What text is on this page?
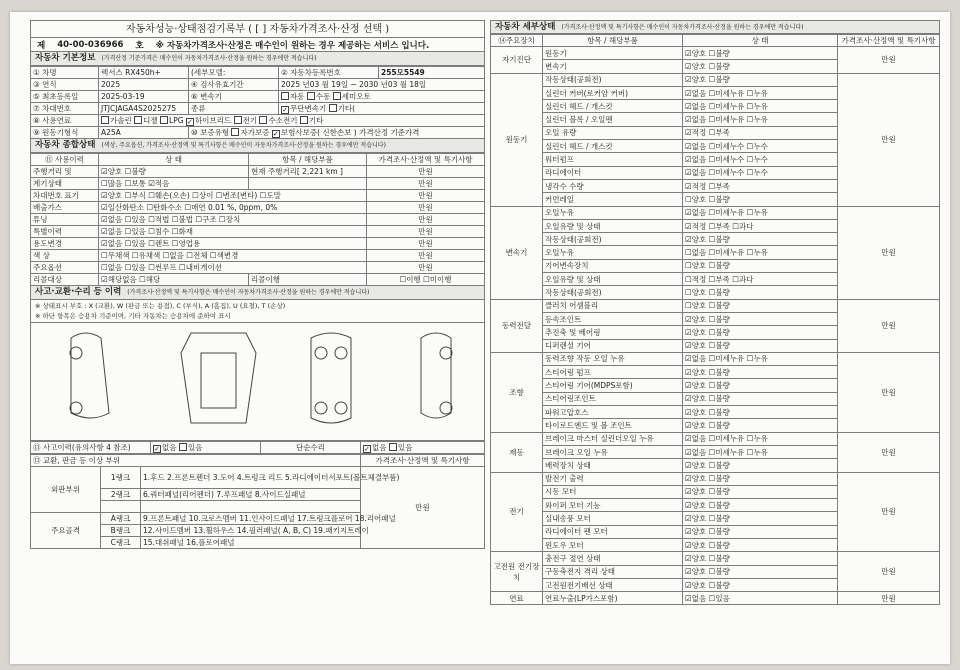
자동차성능·상태점검기록부 ( [ ] 자동차가격조사·산정 선택 )
제 40-00-036966 호 ※ 자동차가격조사·산정은 매수인이 원하는 경우 제공하는 서비스 입니다.
자동차 기본정보 (가격산정 기준가격은 매수인이 자동차가격조사·산정을 원하는 경우에만 적습니다)
① 차명	렉서스 RX450h+	(세부모델:	② 자동차등록번호	255모5549
③ 연식	2025	④ 검사유효기간	2025 년03 월 19일 ~ 2030 년03 월 18일	
⑤ 최초등록일	2025-03-19	⑥ 변속기	자동 수동 세미오토	
⑦ 차대번호	JTJCJAGA4S2025275	종류	✓ 무단변속기 기타(	
⑧ 사용연료	가솔린 디젤 LPG ✓ 하이브리드 전기 수소전기 기타			
⑨ 원동기형식	A25A	⑩ 보증유형 자가보증 ✓ 보험사보증( 신한손보 ) 가격산정 기준가격		
자동차 종합상태 (색상, 주요옵션, 가격조사·산정액 및 특기사항은 매수인이 자동차가격조사·산정을 원하는 경우에만 적습니다)
⑪ 사용이력	상 태	항목 / 해당부품	가격조사·산정액 및 특기사항
주행거리 및	☑양호 ☐불량	현재 주행거리[ 2,221 km ]	만원
계기상태	☐많음 ☐보통 ☑적음		만원
차대번호 표기	☑양호 ☐부식 ☐훼손(오손) ☐상이 ☐변조(변타) ☐도말		만원
배출가스	☑일산화탄소 ☐탄화수소 ☐매연 0.01 %, 0ppm, 0%		만원
튜닝	☑없음 ☐있음 ☐적법 ☐불법 ☐구조 ☐장치		만원
특별이력	☑없음 ☐있음 ☐침수 ☐화재		만원
용도변경	☑없음 ☐있음 ☐렌트 ☐영업용		만원
색 상	☐무채색 ☐유채색 ☐없음 ☐전체 ☐색변경		만원
주요옵션	☐없음 ☐있음 ☐썬루프 ☐내비게이션		만원
리콜대상	☑해당없음 ☐해당	리콜이행	☐이행 ☐미이행
사고·교환·수리 등 이력 (가격조사·산정액 및 특기사항은 매수인이 자동차가격조사·산정을 원하는 경우에만 적습니다)
※ 상태표시 부호 : X (교환), W (판금 또는 용접), C (부식), A (흠집), U (요철), T (손상)
※ 하단 항목은 승용차 기준이며, 기타 자동차는 승용차에 준하여 표시
⑬ 사고이력(유의사항 4 참조)	✓ 없음 있음	단순수리	✓ 없음 있음
⑬ 교환, 판금 등 이상 부위			가격조사·산정액 및 특기사항
외판부위	1랭크	1.후드 2.프론트펜더 3.도어 4.트렁크 리드 5.라디에이터서포트(볼트체결부품)	만원
	2랭크	6.쿼터패널(리어펜더) 7.루프패널 8.사이드실패널	

주요골격	A랭크	9.프론트패널 10.크로스멤버 11.인사이드패널 17.트렁크플로어 18.리어패널	
	B랭크	12.사이드멤버 13.휠하우스 14.필러패널( A, B, C) 19.패키지트레이	
	C랭크	15.대쉬패널 16.플로어패널	
자동차 세부상태 (가격조사·산정액 및 특기사항은 매수인이 자동차가격조사·산정을 원하는 경우에만 적습니다)
⑭주요장치	항목 / 해당부품	상 태	가격조사·산정액 및 특기사항
자기진단	원동기	☑양호 ☐불량	만원
	변속기	☑양호 ☐불량	
원동기	작동상태(공회전)	☑양호 ☐불량	만원
	실린더 커버(로커암 커버)	☑없음 ☐미세누유 ☐누유	
	실린더 헤드 / 개스킷	☑없음 ☐미세누유 ☐누유	
	실린더 블록 / 오일팬	☑없음 ☐미세누유 ☐누유	
	오일 유량	☑적정 ☐부족	
	실린더 헤드 / 개스킷	☑없음 ☐미세누수 ☐누수	
	워터펌프	☑없음 ☐미세누수 ☐누수	
	라디에이터	☑없음 ☐미세누수 ☐누수	
	냉각수 수량	☑적정 ☐부족	
	커먼레일	☐양호 ☐불량	
변속기	오일누유	☑없음 ☐미세누유 ☐누유	만원
	오일유량 및 상태	☑적정 ☐부족 ☐과다	
	작동상태(공회전)	☑양호 ☐불량	
	오일누유	☐없음 ☐미세누유 ☐누유	
	기어변속장치	☐양호 ☐불량	
	오일유량 및 상태	☐적정 ☐부족 ☐과다	
	작동상태(공회전)	☐양호 ☐불량	
동력전달	클러치 어셈블리	☐양호 ☐불량	만원
	등속조인트	☑양호 ☐불량	
	추진축 및 베어링	☑양호 ☐불량	
	디퍼렌셜 기어	☑양호 ☐불량	
조향	동력조향 작동 오일 누유	☑없음 ☐미세누유 ☐누유	만원
	스티어링 펌프	☑양호 ☐불량	
	스티어링 기어(MDPS포함)	☑양호 ☐불량	
	스티어링조인트	☑양호 ☐불량	
	파워고압호스	☑양호 ☐불량	
	타이로드엔드 및 볼 조인트	☑양호 ☐불량	
제동	브레이크 마스터 실린더오일 누유	☑없음 ☐미세누유 ☐누유	만원
	브레이크 오일 누유	☑없음 ☐미세누유 ☐누유	
	배력장치 상태	☑양호 ☐불량	
전기	발전기 출력	☑양호 ☐불량	만원
	시동 모터	☑양호 ☐불량	
	와이퍼 모터 기능	☑양호 ☐불량	
	실내송풍 모터	☑양호 ☐불량	
	라디에이터 팬 모터	☑양호 ☐불량	
	윈도우 모터	☑양호 ☐불량	
고전원 전기장치	충전구 절연 상태	☑양호 ☐불량	만원
	구동축전지 격리 상태	☑양호 ☐불량	
	고전원전기배선 상태	☑양호 ☐불량	
연료	연료누출(LP가스포함)	☑없음 ☐있음	만원
